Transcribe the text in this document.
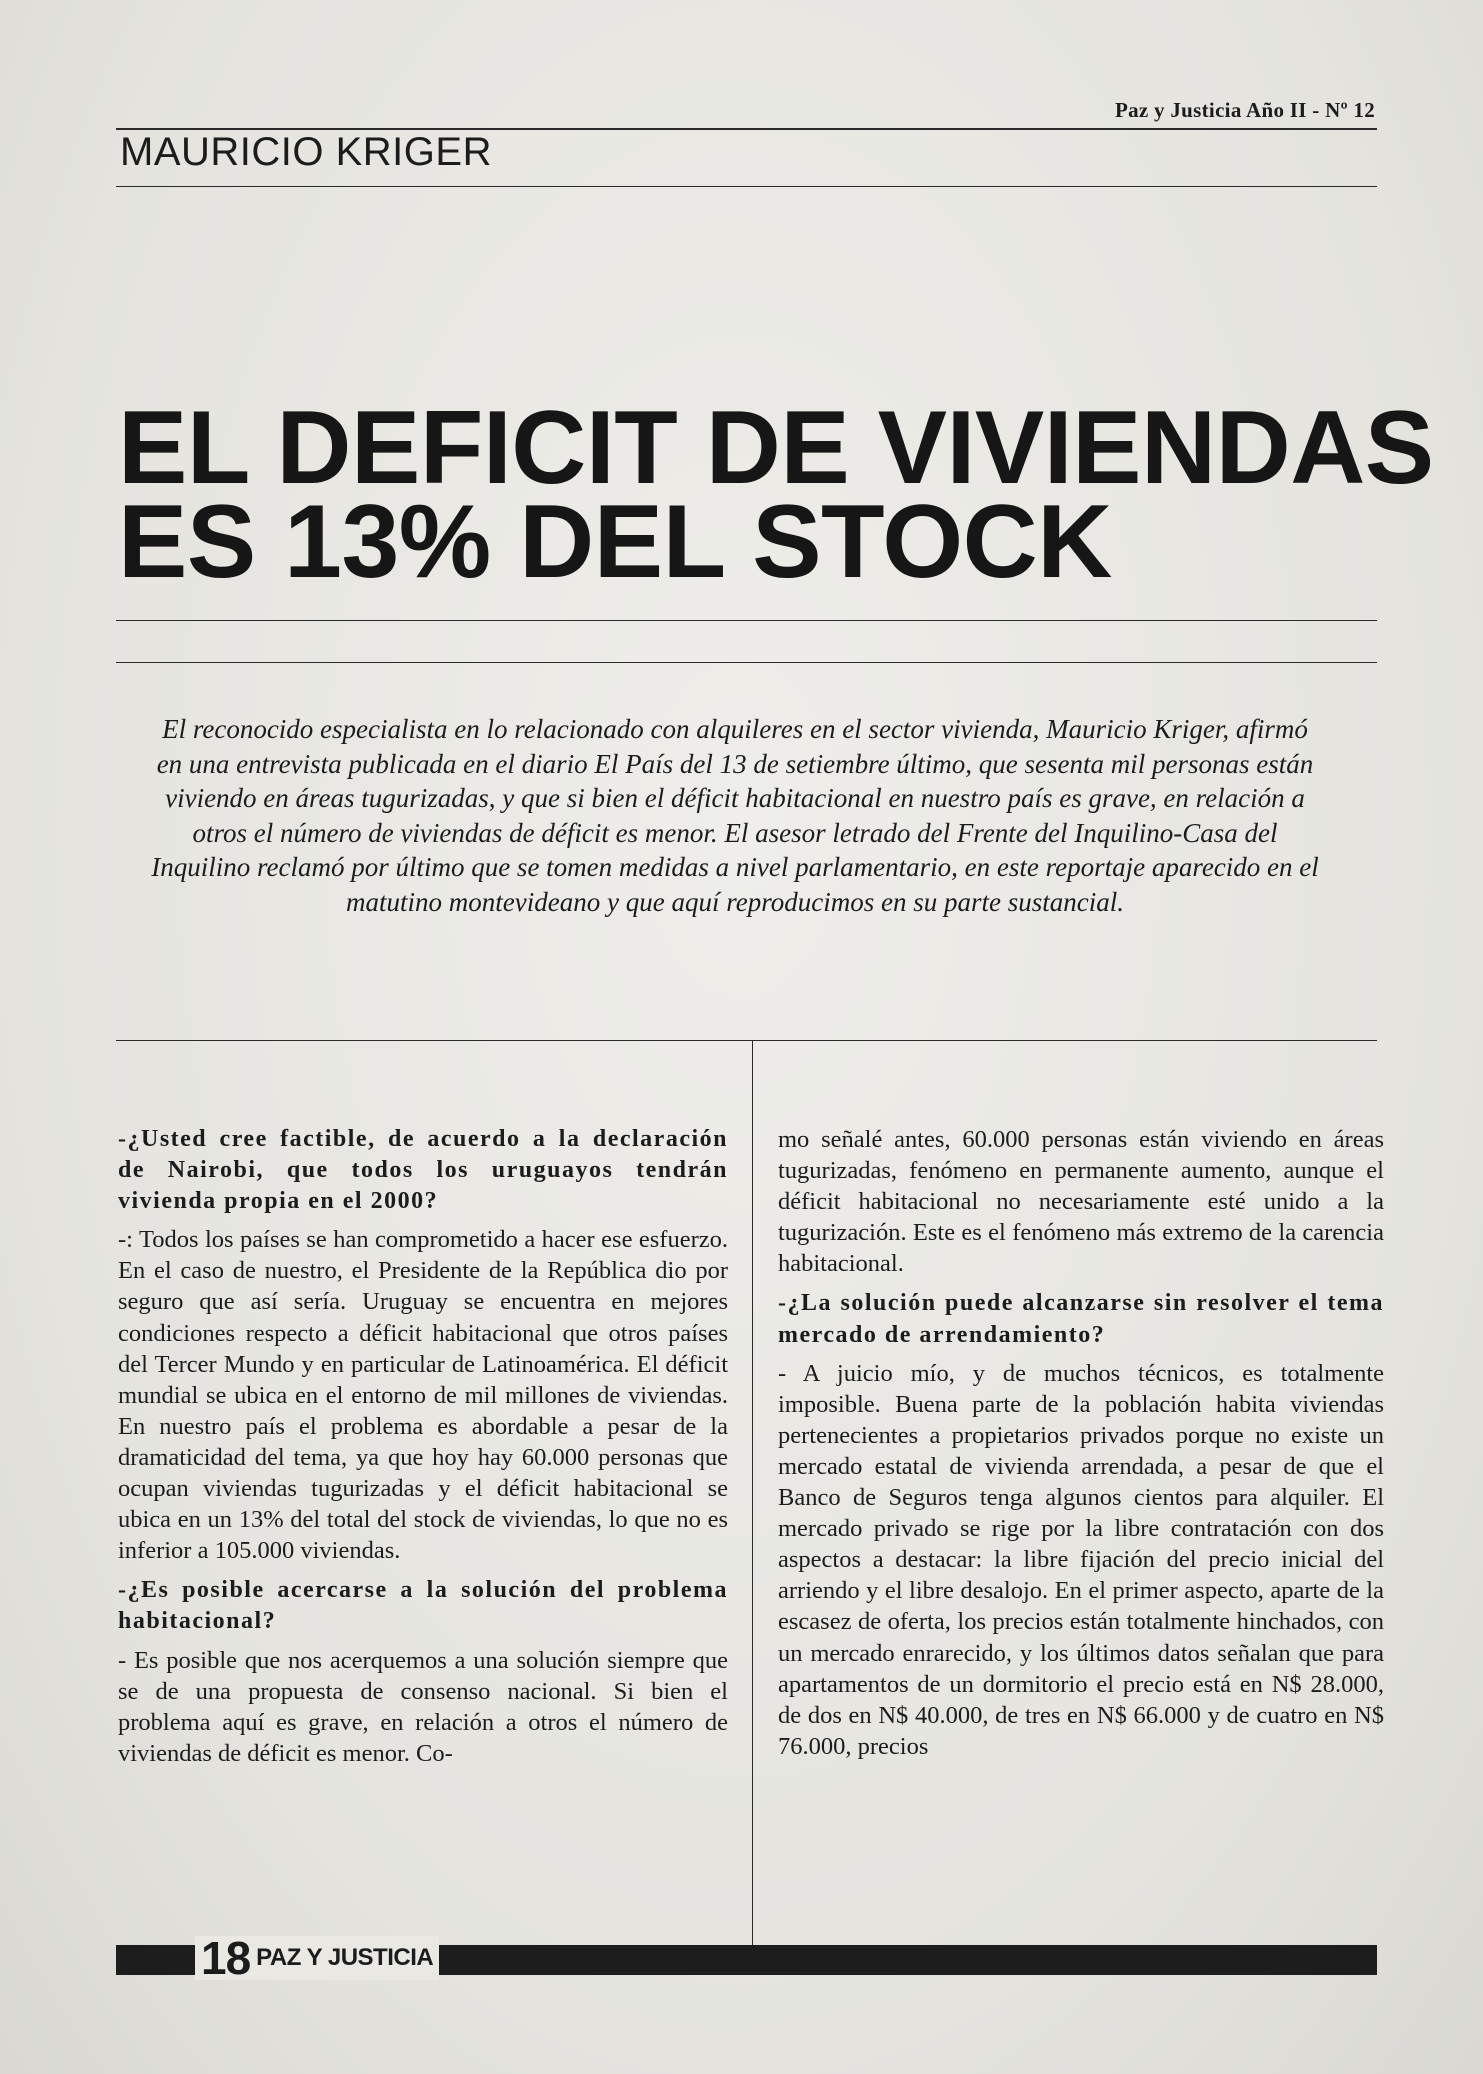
Paz y Justicia Año II - Nº 12
MAURICIO KRIGER
EL DEFICIT DE VIVIENDAS
ES 13% DEL STOCK
El reconocido especialista en lo relacionado con alquileres en el sector vivienda, Mauricio Kriger, afirmó en una entrevista publicada en el diario El País del 13 de setiembre último, que sesenta mil personas están viviendo en áreas tugurizadas, y que si bien el déficit habitacional en nuestro país es grave, en relación a otros el número de viviendas de déficit es menor. El asesor letrado del Frente del Inquilino-Casa del Inquilino reclamó por último que se tomen medidas a nivel parlamentario, en este reportaje aparecido en el matutino montevideano y que aquí reproducimos en su parte sustancial.

-¿Usted cree factible, de acuerdo a la declaración de Nairobi, que todos los uruguayos tendrán vivienda propia en el 2000?

-: Todos los países se han comprometido a hacer ese esfuerzo. En el caso de nuestro, el Presidente de la República dio por seguro que así sería. Uruguay se encuentra en mejores condiciones respecto a déficit habitacional que otros países del Tercer Mundo y en particular de Latinoamérica. El déficit mundial se ubica en el entorno de mil millones de viviendas. En nuestro país el problema es abordable a pesar de la dramaticidad del tema, ya que hoy hay 60.000 personas que ocupan viviendas tugurizadas y el déficit habitacional se ubica en un 13% del total del stock de viviendas, lo que no es inferior a 105.000 viviendas.

-¿Es posible acercarse a la solución del problema habitacional?

- Es posible que nos acerquemos a una solución siempre que se de una propuesta de consenso nacional. Si bien el problema aquí es grave, en relación a otros el número de viviendas de déficit es menor. Co-

mo señalé antes, 60.000 personas están viviendo en áreas tugurizadas, fenómeno en permanente aumento, aunque el déficit habitacional no necesariamente esté unido a la tugurización. Este es el fenómeno más extremo de la carencia habitacional.

-¿La solución puede alcanzarse sin resolver el tema mercado de arrendamiento?

- A juicio mío, y de muchos técnicos, es totalmente imposible. Buena parte de la población habita viviendas pertenecientes a propietarios privados porque no existe un mercado estatal de vivienda arrendada, a pesar de que el Banco de Seguros tenga algunos cientos para alquiler. El mercado privado se rige por la libre contratación con dos aspectos a destacar: la libre fijación del precio inicial del arriendo y el libre desalojo. En el primer aspecto, aparte de la escasez de oferta, los precios están totalmente hinchados, con un mercado enrarecido, y los últimos datos señalan que para apartamentos de un dormitorio el precio está en N$ 28.000, de dos en N$ 40.000, de tres en N$ 66.000 y de cuatro en N$ 76.000, precios

18 PAZ Y JUSTICIA
